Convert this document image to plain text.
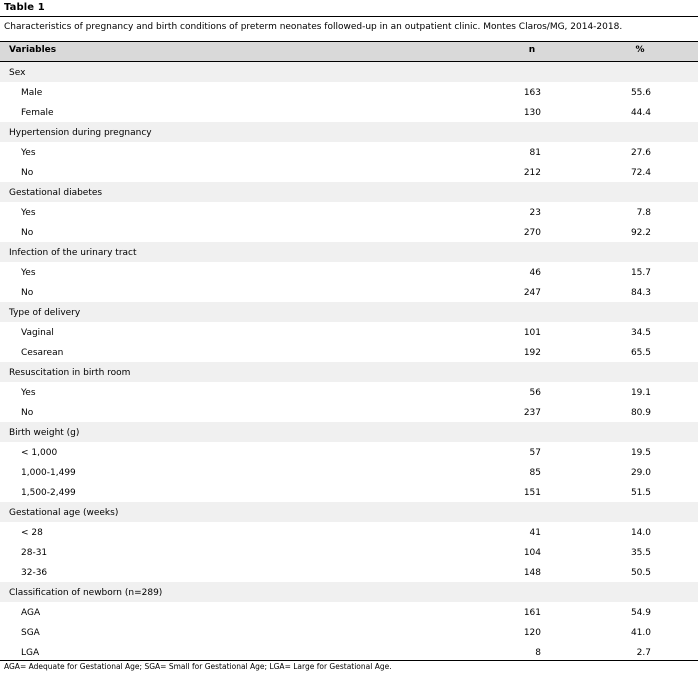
Table 1
Characteristics of pregnancy and birth conditions of preterm neonates followed-up in an outpatient clinic. Montes Claros/MG, 2014-2018.
Variables	n	%
Sex
Male	163	55.6
Female	130	44.4
Hypertension during pregnancy
Yes	81	27.6
No	212	72.4
Gestational diabetes
Yes	23	7.8
No	270	92.2
Infection of the urinary tract
Yes	46	15.7
No	247	84.3
Type of delivery
Vaginal	101	34.5
Cesarean	192	65.5
Resuscitation in birth room
Yes	56	19.1
No	237	80.9
Birth weight (g)
< 1,000	57	19.5
1,000-1,499	85	29.0
1,500-2,499	151	51.5
Gestational age (weeks)
< 28	41	14.0
28-31	104	35.5
32-36	148	50.5
Classification of newborn (n=289)
AGA	161	54.9
SGA	120	41.0
LGA	8	2.7
AGA= Adequate for Gestational Age; SGA= Small for Gestational Age; LGA= Large for Gestational Age.
